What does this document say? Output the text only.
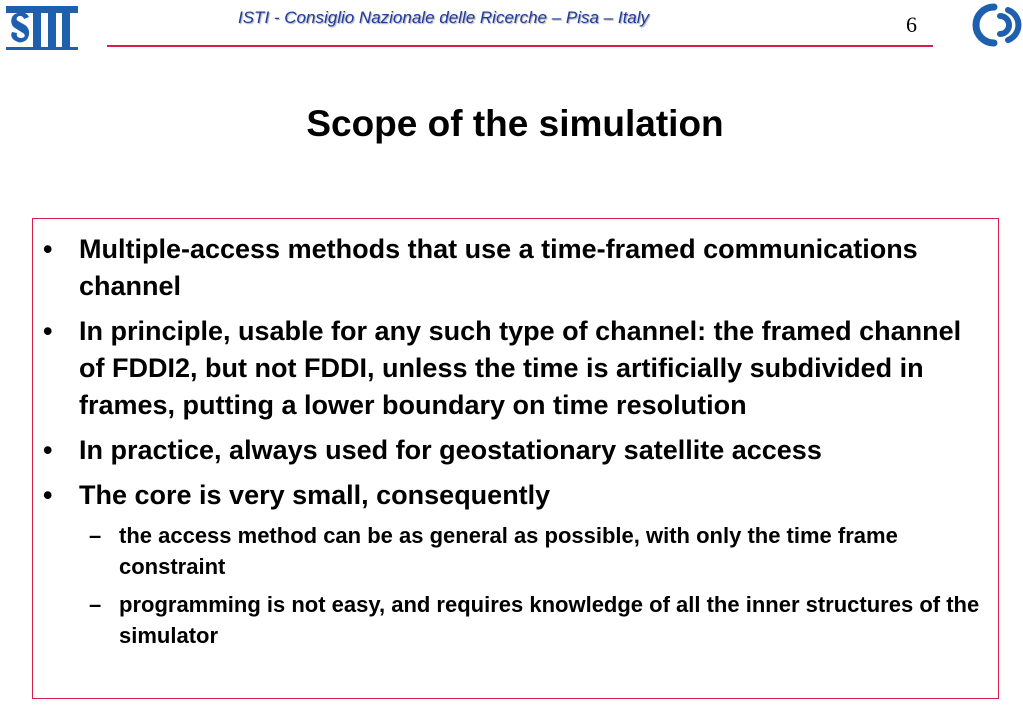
ISTI - Consiglio Nazionale delle Ricerche – Pisa – Italy	6
Scope of the simulation
• Multiple-access methods that use a time-framed communications channel
• In principle, usable for any such type of channel: the framed channel of FDDI2, but not FDDI, unless the time is artificially subdivided in frames, putting a lower boundary on time resolution
• In practice, always used for geostationary satellite access
• The core is very small, consequently
– the access method can be as general as possible, with only the time frame constraint
– programming is not easy, and requires knowledge of all the inner structures of the simulator
